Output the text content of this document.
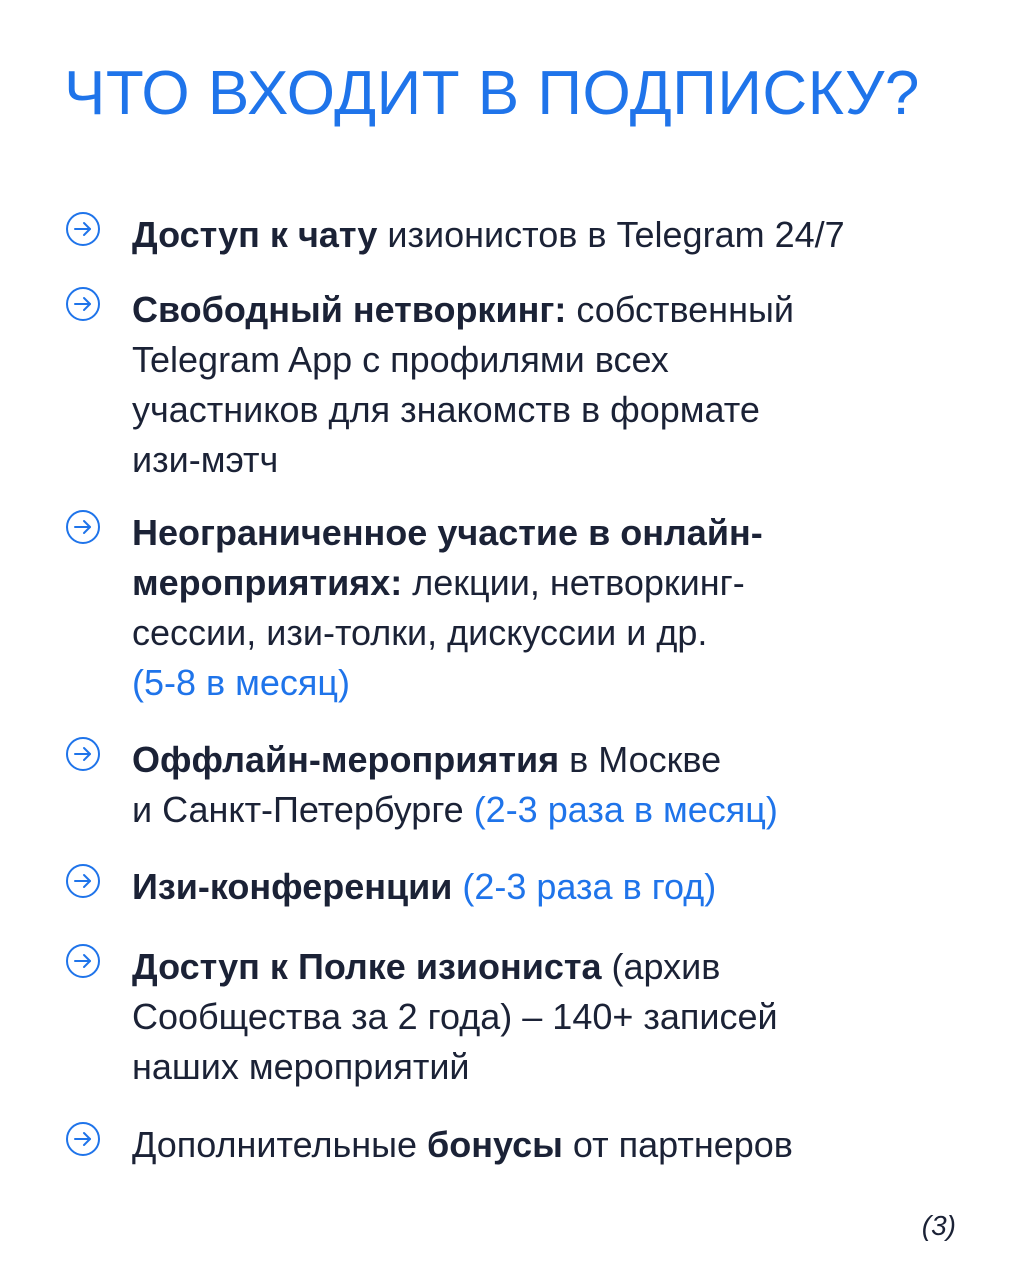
ЧТО ВХОДИТ В ПОДПИСКУ?
Доступ к чату изионистов в Telegram 24/7
Свободный нетворкинг: собственный
Telegram App с профилями всех
участников для знакомств в формате
изи-мэтч
Неограниченное участие в онлайн-
мероприятиях: лекции, нетворкинг-
сессии, изи-толки, дискуссии и др.
(5-8 в месяц)
Оффлайн-мероприятия в Москве
и Санкт-Петербурге (2-3 раза в месяц)
Изи-конференции (2-3 раза в год)
Доступ к Полке изиониста (архив
Сообщества за 2 года) – 140+ записей
наших мероприятий
Дополнительные бонусы от партнеров
(3)
